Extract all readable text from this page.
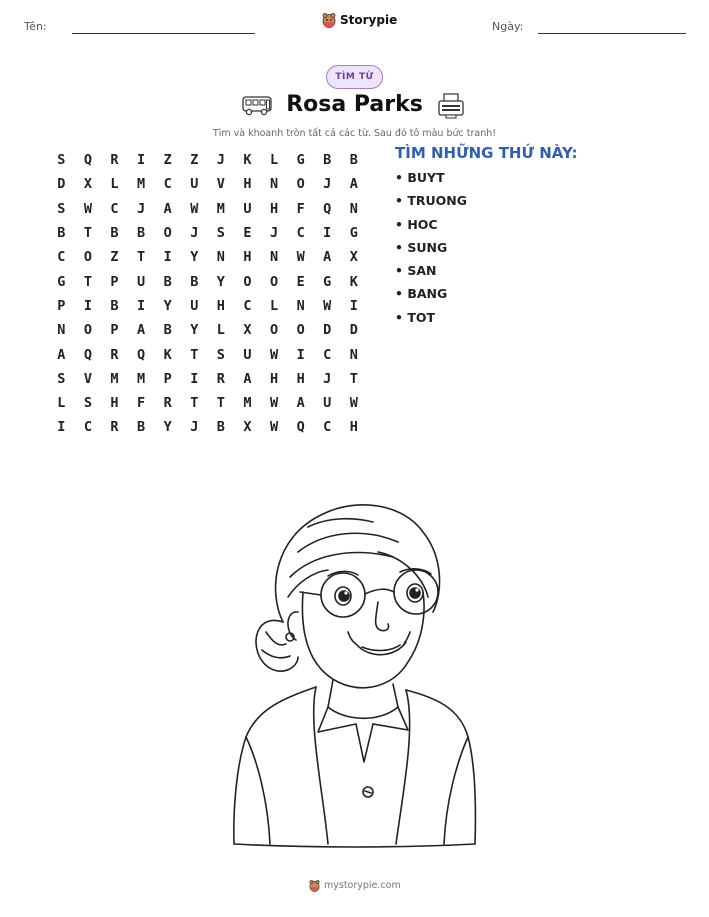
Tên:	Ngày:
Storypie
TÌM TỪ
Rosa Parks
Tìm và khoanh tròn tất cả các từ. Sau đó tô màu bức tranh!
S	Q	R	I	Z	Z	J	K	L	G	B	B
D	X	L	M	C	U	V	H	N	O	J	A
S	W	C	J	A	W	M	U	H	F	Q	N
B	T	B	B	O	J	S	E	J	C	I	G
C	O	Z	T	I	Y	N	H	N	W	A	X
G	T	P	U	B	B	Y	O	O	E	G	K
P	I	B	I	Y	U	H	C	L	N	W	I
N	O	P	A	B	Y	L	X	O	O	D	D
A	Q	R	Q	K	T	S	U	W	I	C	N
S	V	M	M	P	I	R	A	H	H	J	T
L	S	H	F	R	T	T	M	W	A	U	W
I	C	R	B	Y	J	B	X	W	Q	C	H
TÌM NHỮNG THỨ NÀY:
• BUYT
• TRUONG
• HOC
• SUNG
• SAN
• BANG
• TOT
mystorypie.com
